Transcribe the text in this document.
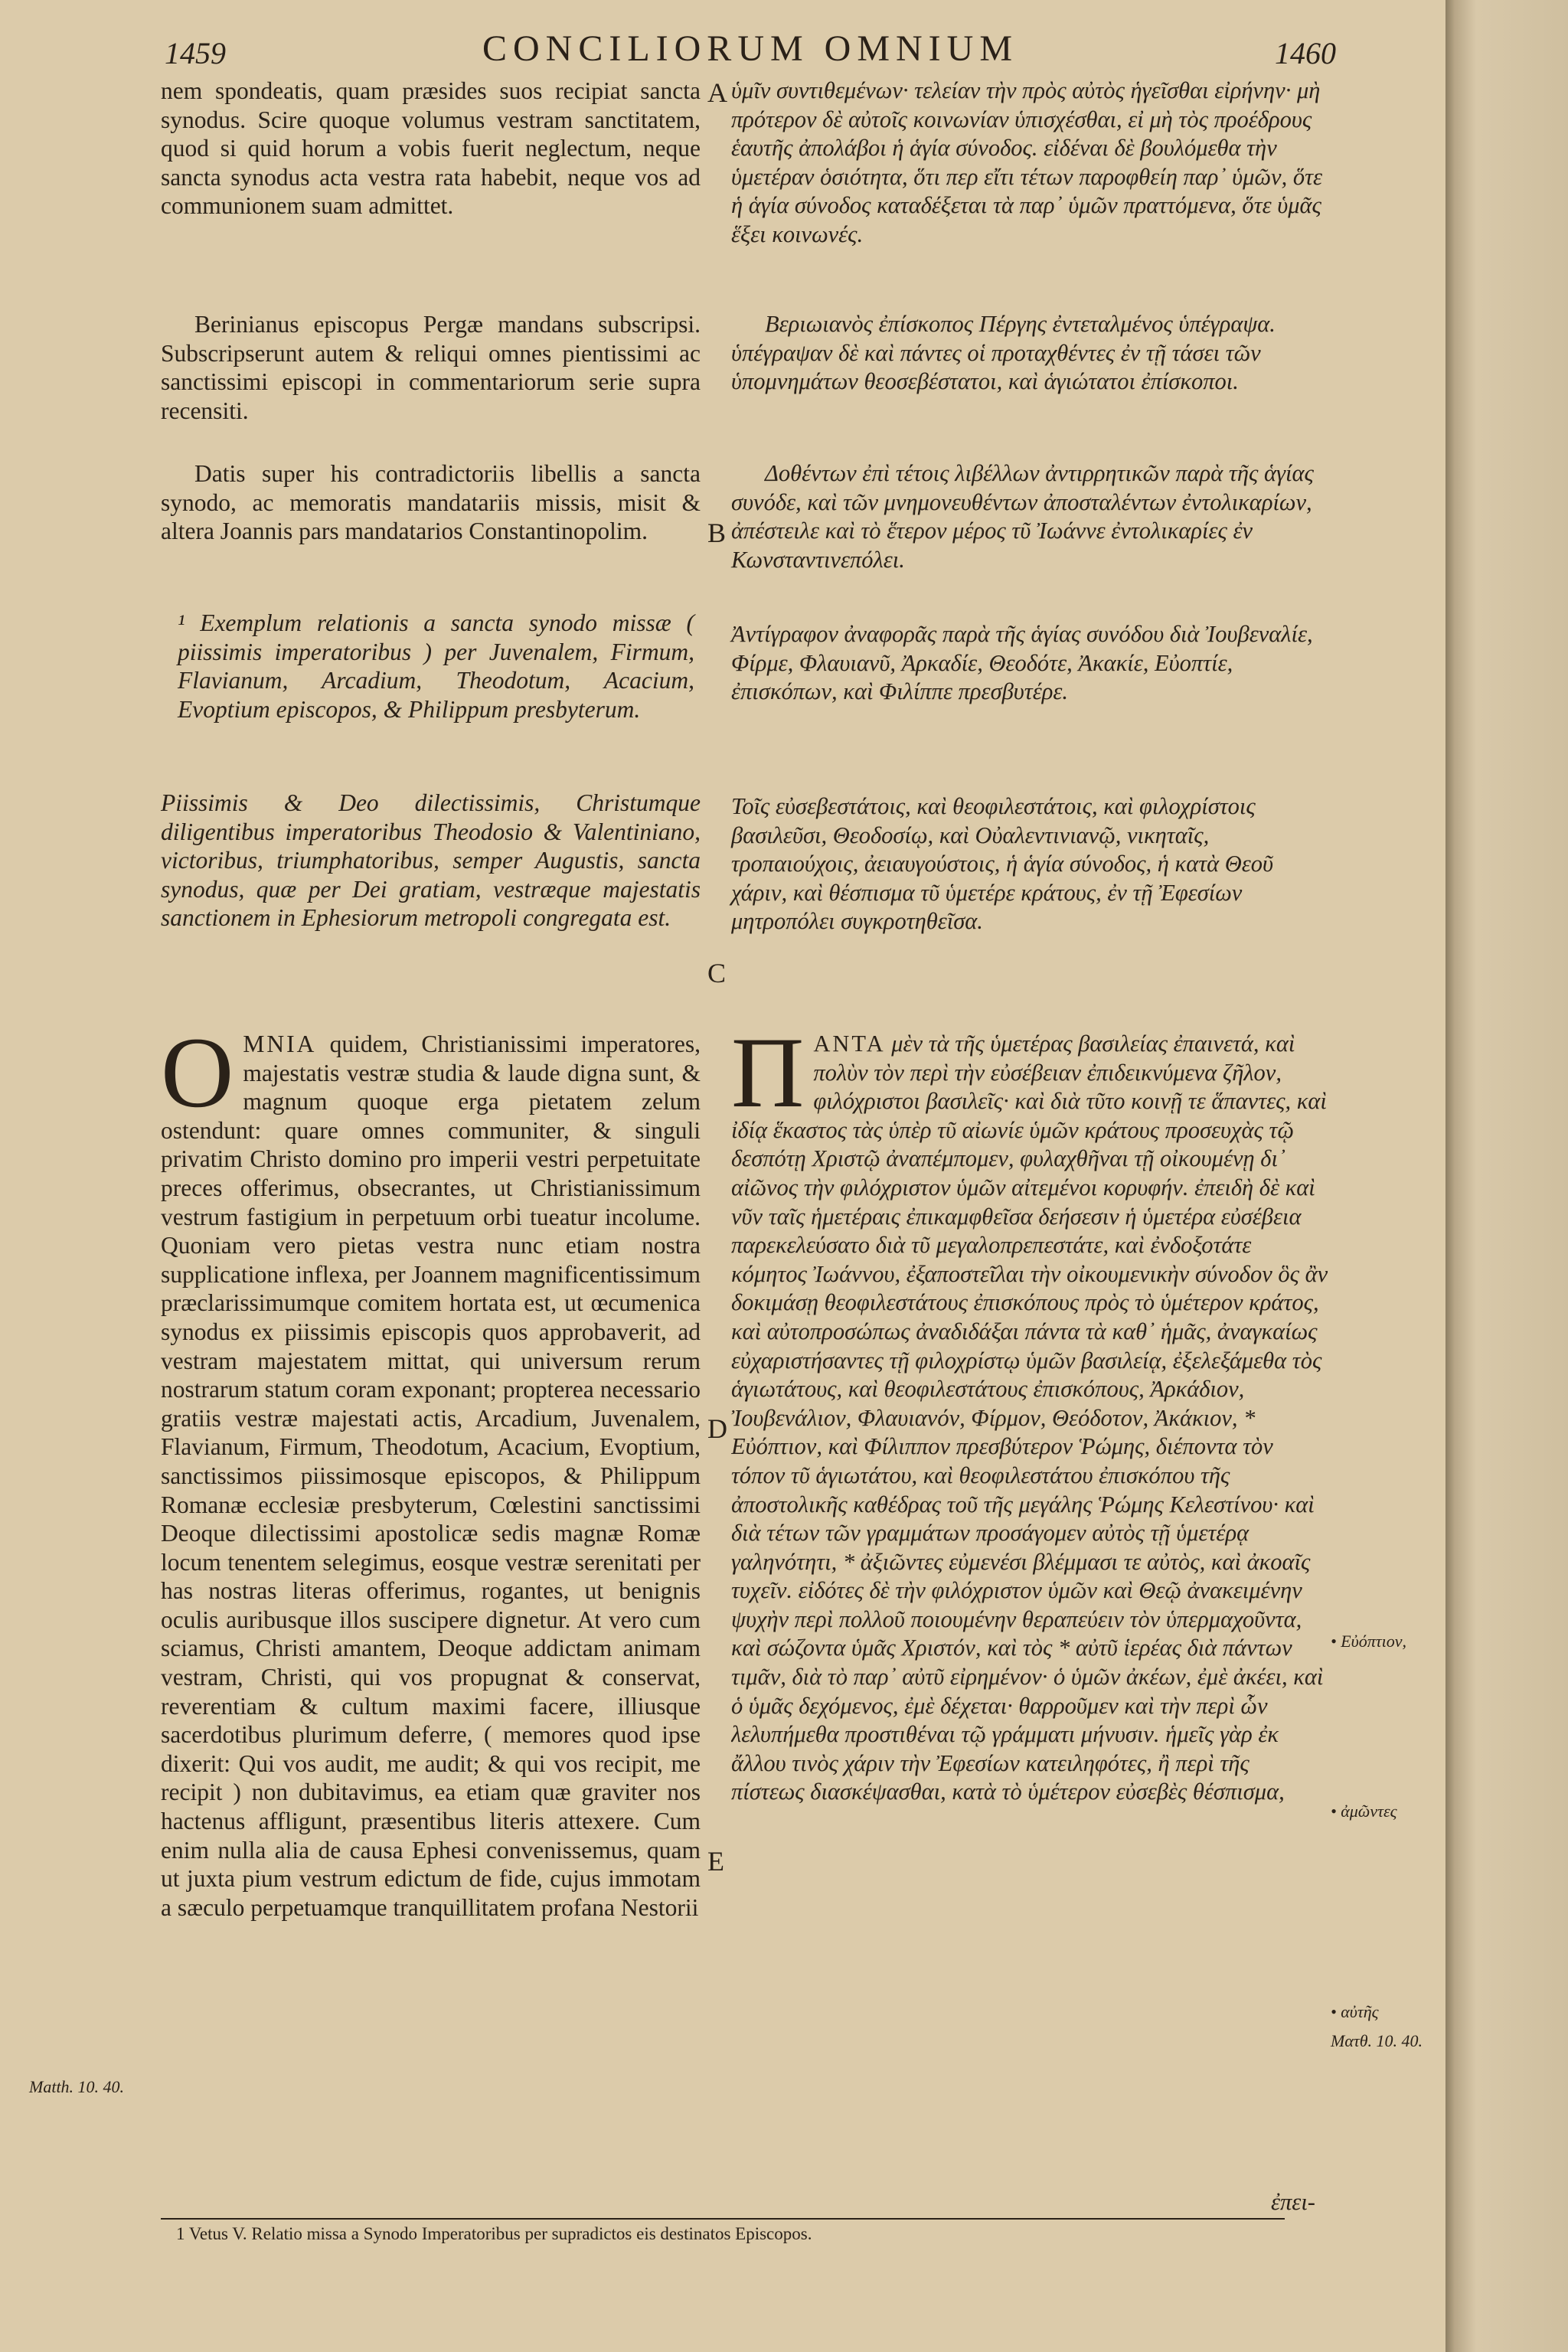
1459	CONCILIORUM OMNIUM	1460

nem spondeatis, quam præsides suos recipiat sancta synodus. Scire quoque volumus vestram sanctitatem, quod si quid horum a vobis fuerit neglectum, neque sancta synodus acta vestra rata habebit, neque vos ad communionem suam admittet.

Berinianus episcopus Pergæ mandans subscripsi. Subscripserunt autem & reliqui omnes pientissimi ac sanctissimi episcopi in commentariorum serie supra recensiti.

Datis super his contradictoriis libellis a sancta synodo, ac memoratis mandatariis missis, misit & altera Joannis pars mandatarios Constantinopolim.

¹ Exemplum relationis a sancta synodo missæ ( piissimis imperatoribus ) per Juvenalem, Firmum, Flavianum, Arcadium, Theodotum, Acacium, Evoptium episcopos, & Philippum presbyterum.

Piissimis & Deo dilectissimis, Christumque diligentibus imperatoribus Theodosio & Valentiniano, victoribus, triumphatoribus, semper Augustis, sancta synodus, quæ per Dei gratiam, vestræque majestatis sanctionem in Ephesiorum metropoli congregata est.

O MNIA quidem, Christianissimi imperatores, majestatis vestræ studia & laude digna sunt, & magnum quoque erga pietatem zelum ostendunt: quare omnes communiter, & singuli privatim Christo domino pro imperii vestri perpetuitate preces offerimus, obsecrantes, ut Christianissimum vestrum fastigium in perpetuum orbi tueatur incolume. Quoniam vero pietas vestra nunc etiam nostra supplicatione inflexa, per Joannem magnificentissimum præclarissimumque comitem hortata est, ut œcumenica synodus ex piissimis episcopis quos approbaverit, ad vestram majestatem mittat, qui universum rerum nostrarum statum coram exponant; propterea necessario gratiis vestræ majestati actis, Arcadium, Juvenalem, Flavianum, Firmum, Theodotum, Acacium, Evoptium, sanctissimos piissimosque episcopos, & Philippum Romanæ ecclesiæ presbyterum, Cœlestini sanctissimi Deoque dilectissimi apostolicæ sedis magnæ Romæ locum tenentem selegimus, eosque vestræ serenitati per has nostras literas offerimus, rogantes, ut benignis oculis auribusque illos suscipere dignetur. At vero cum sciamus, Christi amantem, Deoque addictam animam vestram, Christi, qui vos propugnat & conservat, reverentiam & cultum maximi facere, illiusque sacerdotibus plurimum deferre, ( memores quod ipse dixerit: Qui vos audit, me audit; & qui vos recipit, me recipit ) non dubitavimus, ea etiam quæ graviter nos hactenus affligunt, præsentibus literis attexere. Cum enim nulla alia de causa Ephesi convenissemus, quam ut juxta pium vestrum edictum de fide, cujus immotam a sæculo perpetuamque tranquillitatem profana Nestorii
A
B
C
D
E

ὑμῖν συντιθεμένων· τελείαν τὴν πρὸς αὐτὸς ἡγεῖσθαι εἰρήνην· μὴ πρότερον δὲ αὐτοῖς κοινωνίαν ὑπισχέσθαι, εἰ μὴ τὸς προέδρους ἑαυτῆς ἀπολάβοι ἡ ἁγία σύνοδος. εἰδέναι δὲ βουλόμεθα τὴν ὑμετέραν ὁσιότητα, ὅτι περ εἴτι τέτων παροφθείη παρ᾽ ὑμῶν, ὅτε ἡ ἁγία σύνοδος καταδέξεται τὰ παρ᾽ ὑμῶν πραττόμενα, ὅτε ὑμᾶς ἕξει κοινωνές.

Βεριωιανὸς ἐπίσκοπος Πέργης ἐντεταλμένος ὑπέγραψα. ὑπέγραψαν δὲ καὶ πάντες οἱ προταχθέντες ἐν τῇ τάσει τῶν ὑπομνημάτων θεοσεβέστατοι, καὶ ἁγιώτατοι ἐπίσκοποι.

Δοθέντων ἐπὶ τέτοις λιβέλλων ἀντιρρητικῶν παρὰ τῆς ἁγίας συνόδε, καὶ τῶν μνημονευθέντων ἀποσταλέντων ἐντολικαρίων, ἀπέστειλε καὶ τὸ ἕτερον μέρος τῦ Ἰωάννε ἐντολικαρίες ἐν Κωνσταντινεπόλει.

Ἀντίγραφον ἀναφορᾶς παρὰ τῆς ἁγίας συνόδου διὰ Ἰουβεναλίε, Φίρμε, Φλαυιανῦ, Ἀρκαδίε, Θεοδότε, Ἀκακίε, Εὐοπτίε, ἐπισκόπων, καὶ Φιλίππε πρεσβυτέρε.

Τοῖς εὐσεβεστάτοις, καὶ θεοφιλεστάτοις, καὶ φιλοχρίστοις βασιλεῦσι, Θεοδοσίῳ, καὶ Οὐαλεντινιανῷ, νικηταῖς, τροπαιούχοις, ἀειαυγούστοις, ἡ ἁγία σύνοδος, ἡ κατὰ Θεοῦ χάριν, καὶ θέσπισμα τῦ ὑμετέρε κράτους, ἐν τῇ Ἐφεσίων μητροπόλει συγκροτηθεῖσα.

Π ΑΝΤΑ μὲν τὰ τῆς ὑμετέρας βασιλείας ἐπαινετά, καὶ πολὺν τὸν περὶ τὴν εὐσέβειαν ἐπιδεικνύμενα ζῆλον, φιλόχριστοι βασιλεῖς· καὶ διὰ τῦτο κοινῇ τε ἅπαντες, καὶ ἰδίᾳ ἕκαστος τὰς ὑπὲρ τῦ αἰωνίε ὑμῶν κράτους προσευχὰς τῷ δεσπότῃ Χριστῷ ἀναπέμπομεν, φυλαχθῆναι τῇ οἰκουμένῃ δι᾽ αἰῶνος τὴν φιλόχριστον ὑμῶν αἰτεμένοι κορυφήν. ἐπειδὴ δὲ καὶ νῦν ταῖς ἡμετέραις ἐπικαμφθεῖσα δεήσεσιν ἡ ὑμετέρα εὐσέβεια παρεκελεύσατο διὰ τῦ μεγαλοπρεπεστάτε, καὶ ἐνδοξοτάτε κόμητος Ἰωάννου, ἐξαποστεῖλαι τὴν οἰκουμενικὴν σύνοδον ὃς ἂν δοκιμάσῃ θεοφιλεστάτους ἐπισκόπους πρὸς τὸ ὑμέτερον κράτος, καὶ αὐτοπροσώπως ἀναδιδάξαι πάντα τὰ καθ᾽ ἡμᾶς, ἀναγκαίως εὐχαριστήσαντες τῇ φιλοχρίστῳ ὑμῶν βασιλείᾳ, ἐξελεξάμεθα τὸς ἁγιωτάτους, καὶ θεοφιλεστάτους ἐπισκόπους, Ἀρκάδιον, Ἰουβενάλιον, Φλαυιανόν, Φίρμον, Θεόδοτον, Ἀκάκιον, * Εὐόπτιον, καὶ Φίλιππον πρεσβύτερον Ῥώμης, διέποντα τὸν τόπον τῦ ἁγιωτάτου, καὶ θεοφιλεστάτου ἐπισκόπου τῆς ἀποστολικῆς καθέδρας τοῦ τῆς μεγάλης Ῥώμης Κελεστίνου· καὶ διὰ τέτων τῶν γραμμάτων προσάγομεν αὐτὸς τῇ ὑμετέρᾳ γαληνότητι, * ἀξιῶντες εὐμενέσι βλέμμασι τε αὐτὸς, καὶ ἀκοαῖς τυχεῖν. εἰδότες δὲ τὴν φιλόχριστον ὑμῶν καὶ Θεῷ ἀνακειμένην ψυχὴν περὶ πολλοῦ ποιουμένην θεραπεύειν τὸν ὑπερμαχοῦντα, καὶ σώζοντα ὑμᾶς Χριστόν, καὶ τὸς * αὐτῦ ἱερέας διὰ πάντων τιμᾶν, διὰ τὸ παρ᾽ αὐτῦ εἰρημένον· ὁ ὑμῶν ἀκέων, ἐμὲ ἀκέει, καὶ ὁ ὑμᾶς δεχόμενος, ἐμὲ δέχεται· θαρροῦμεν καὶ τὴν περὶ ὧν λελυπήμεθα προστιθέναι τῷ γράμματι μήνυσιν. ἡμεῖς γὰρ ἐκ ἄλλου τινὸς χάριν τὴν Ἐφεσίων κατειληφότες, ἢ περὶ τῆς πίστεως διασκέψασθαι, κατὰ τὸ ὑμέτερον εὐσεβὲς θέσπισμα,
ἐπει-
Matth. 10. 40.
• Εὐόπτιον,
• ἀμῶντες
• αὐτῆς
Ματθ. 10. 40.
1 Vetus V. Relatio missa a Synodo Imperatoribus per supradictos eis destinatos Episcopos.
